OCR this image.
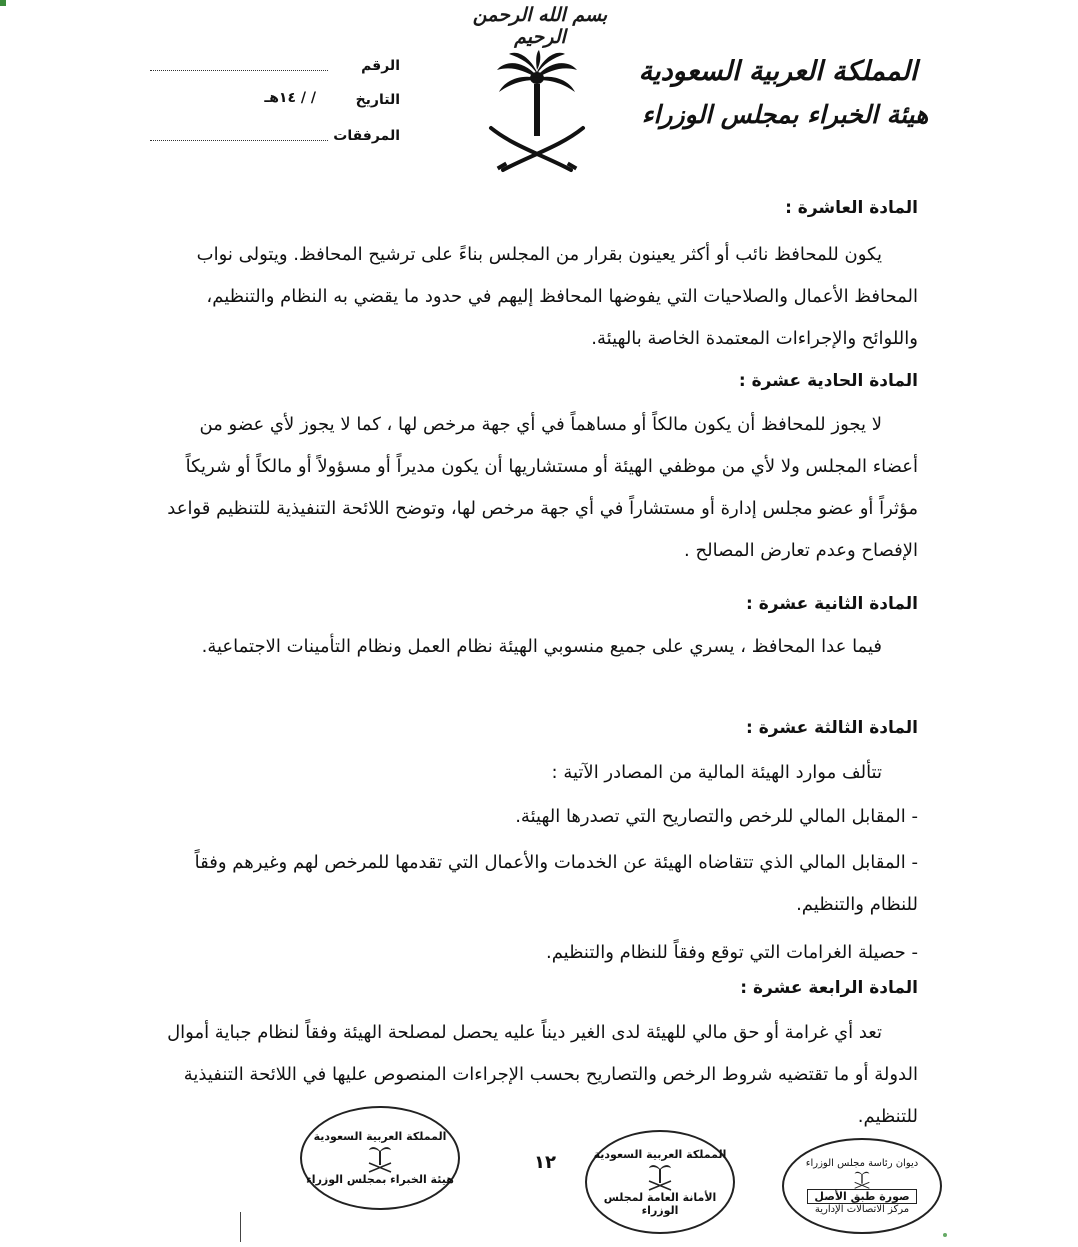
بسم الله الرحمن الرحيم
المملكة العربية السعودية
هيئة الخبراء بمجلس الوزراء
الرقم
التاريخ
/ / ١٤هـ
المرفقات
المادة العاشرة :
يكون للمحافظ نائب أو أكثر يعينون بقرار من المجلس بناءً على ترشيح المحافظ. ويتولى نواب المحافظ الأعمال والصلاحيات التي يفوضها المحافظ إليهم في حدود ما يقضي به النظام والتنظيم، واللوائح والإجراءات المعتمدة الخاصة بالهيئة.
المادة الحادية عشرة :
لا يجوز للمحافظ أن يكون مالكاً أو مساهماً في أي جهة مرخص لها ، كما لا يجوز لأي عضو من أعضاء المجلس ولا لأي من موظفي الهيئة أو مستشاريها أن يكون مديراً أو مسؤولاً أو مالكاً أو شريكاً مؤثراً أو عضو مجلس إدارة أو مستشاراً في أي جهة مرخص لها، وتوضح اللائحة التنفيذية للتنظيم قواعد الإفصاح وعدم تعارض المصالح .
المادة الثانية عشرة :
فيما عدا المحافظ ، يسري على جميع منسوبي الهيئة نظام العمل ونظام التأمينات الاجتماعية.
المادة الثالثة عشرة :
تتألف موارد الهيئة المالية من المصادر الآتية :
- المقابل المالي للرخص والتصاريح التي تصدرها الهيئة.
- المقابل المالي الذي تتقاضاه الهيئة عن الخدمات والأعمال التي تقدمها للمرخص لهم وغيرهم وفقاً للنظام والتنظيم.
- حصيلة الغرامات التي توقع وفقاً للنظام والتنظيم.
المادة الرابعة عشرة :
تعد أي غرامة أو حق مالي للهيئة لدى الغير ديناً عليه يحصل لمصلحة الهيئة وفقاً لنظام جباية أموال الدولة أو ما تقتضيه شروط الرخص والتصاريح بحسب الإجراءات المنصوص عليها في اللائحة التنفيذية للتنظيم.
١٢
المملكة العربية السعودية
هيئة الخبراء بمجلس الوزراء
المملكة العربية السعودية
الأمانة العامة لمجلس الوزراء
ديوان رئاسة مجلس الوزراء
صورة طبق الأصل
مركز الاتصالات الإدارية
